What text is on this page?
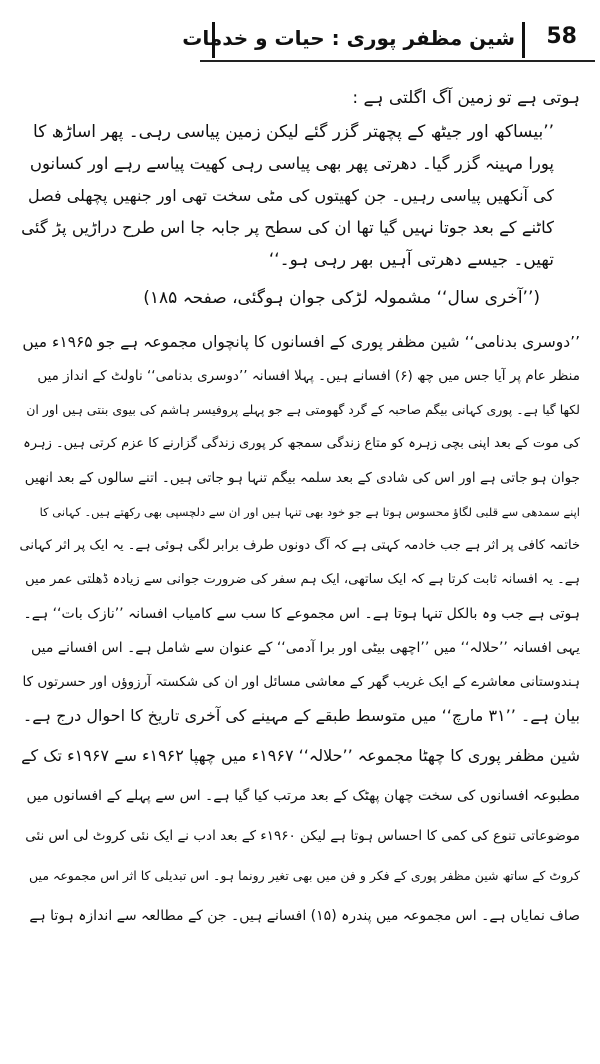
شین مظفر پوری : حیات و خدمات 58
ہوتی ہے تو زمین آگ اگلتی ہے :
’’بیساکھ اور جیٹھ کے پچھتر گزر گئے لیکن زمین پیاسی رہی۔ پھر اساڑھ کا
پورا مہینہ گزر گیا۔ دھرتی پھر بھی پیاسی رہی کھیت پیاسے رہے اور کسانوں
کی آنکھیں پیاسی رہیں۔ جن کھیتوں کی مٹی سخت تھی اور جنھیں پچھلی فصل
کاٹنے کے بعد جوتا نہیں گیا تھا ان کی سطح پر جابہ جا اس طرح دراڑیں پڑ گئی
تھیں۔ جیسے دھرتی آہیں بھر رہی ہو۔‘‘
(’’آخری سال‘‘ مشمولہ لڑکی جوان ہوگئی، صفحہ ۱۸۵)
’’دوسری بدنامی‘‘ شین مظفر پوری کے افسانوں کا پانچواں مجموعہ ہے جو ۱۹۶۵ء میں
منظر عام پر آیا جس میں چھ (۶) افسانے ہیں۔ پہلا افسانہ ’’دوسری بدنامی‘‘ ناولٹ کے انداز میں
لکھا گیا ہے۔ پوری کہانی بیگم صاحبہ کے گرد گھومتی ہے جو پہلے پروفیسر ہاشم کی بیوی بنتی ہیں اور ان
کی موت کے بعد اپنی بچی زہرہ کو متاع زندگی سمجھ کر پوری زندگی گزارنے کا عزم کرتی ہیں۔ زہرہ
جوان ہو جاتی ہے اور اس کی شادی کے بعد سلمہ بیگم تنہا ہو جاتی ہیں۔ اتنے سالوں کے بعد انھیں
اپنے سمدھی سے قلبی لگاؤ محسوس ہوتا ہے جو خود بھی تنہا ہیں اور ان سے دلچسپی بھی رکھتے ہیں۔ کہانی کا
خاتمہ کافی پر اثر ہے جب خادمہ کہتی ہے کہ آگ دونوں طرف برابر لگی ہوئی ہے۔ یہ ایک پر اثر کہانی
ہے۔ یہ افسانہ ثابت کرتا ہے کہ ایک ساتھی، ایک ہم سفر کی ضرورت جوانی سے زیادہ ڈھلتی عمر میں
ہوتی ہے جب وہ بالکل تنہا ہوتا ہے۔ اس مجموعے کا سب سے کامیاب افسانہ ’’نازک بات‘‘ ہے۔
یہی افسانہ ’’حلالہ‘‘ میں ’’اچھی بیٹی اور برا آدمی‘‘ کے عنوان سے شامل ہے۔ اس افسانے میں
ہندوستانی معاشرے کے ایک غریب گھر کے معاشی مسائل اور ان کی شکستہ آرزوؤں اور حسرتوں کا
بیان ہے۔ ’’۳۱ مارچ‘‘ میں متوسط طبقے کے مہینے کی آخری تاریخ کا احوال درج ہے۔
شین مظفر پوری کا چھٹا مجموعہ ’’حلالہ‘‘ ۱۹۶۷ء میں چھپا ۱۹۶۲ء سے ۱۹۶۷ء تک کے
مطبوعہ افسانوں کی سخت چھان پھٹک کے بعد مرتب کیا گیا ہے۔ اس سے پہلے کے افسانوں میں
موضوعاتی تنوع کی کمی کا احساس ہوتا ہے لیکن ۱۹۶۰ء کے بعد ادب نے ایک نئی کروٹ لی اس نئی
کروٹ کے ساتھ شین مظفر پوری کے فکر و فن میں بھی تغیر رونما ہو۔ اس تبدیلی کا اثر اس مجموعہ میں
صاف نمایاں ہے۔ اس مجموعہ میں پندرہ (۱۵) افسانے ہیں۔ جن کے مطالعہ سے اندازہ ہوتا ہے
